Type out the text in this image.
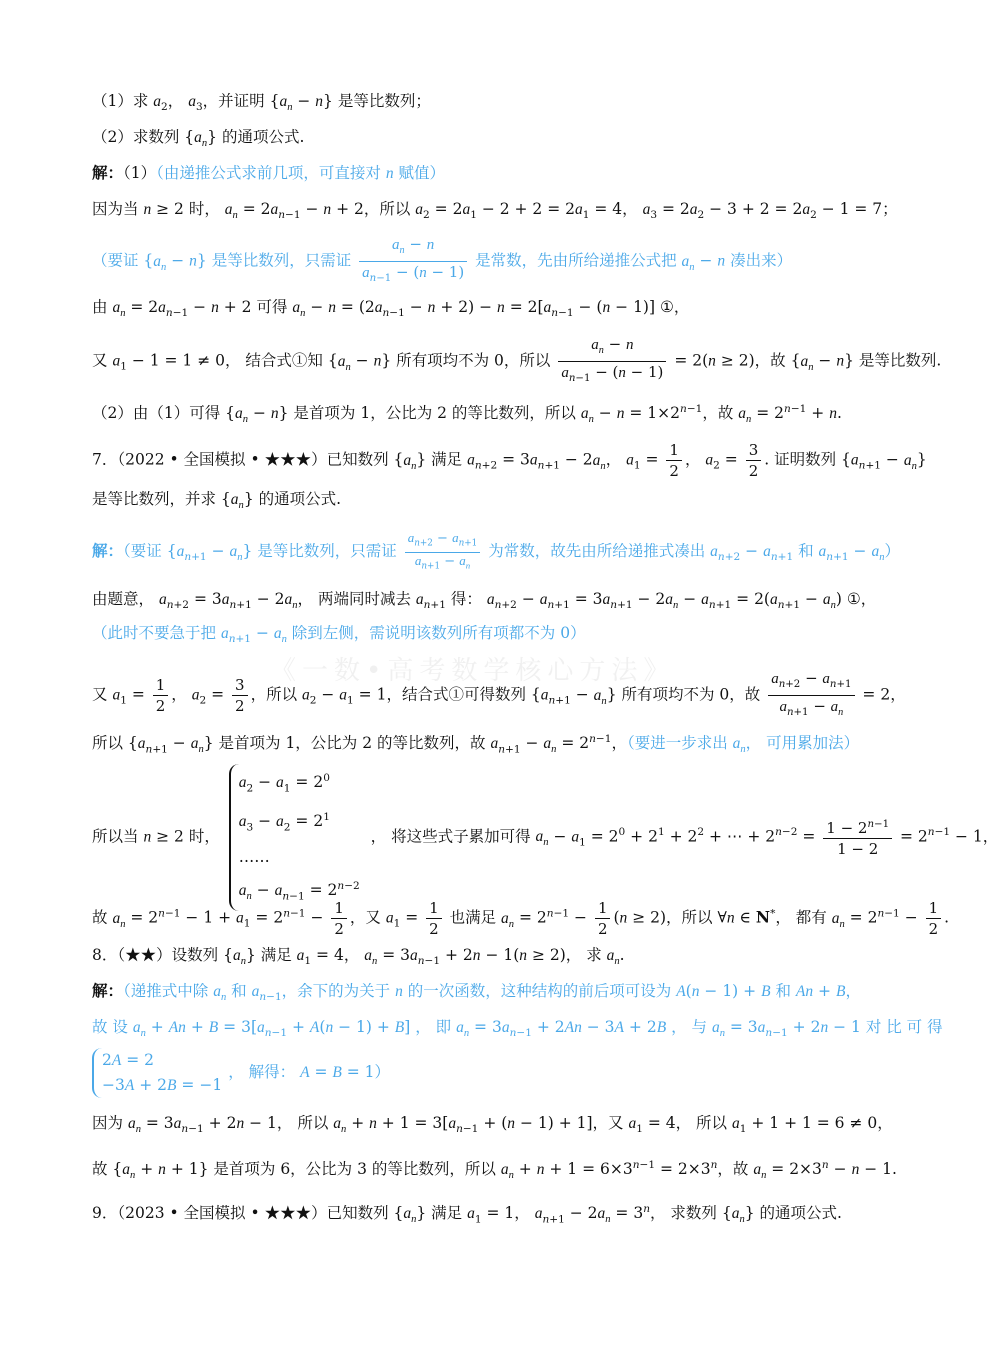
《一数•高考数学核心方法》
（1）求 $a_2$， $a_3$，并证明 $\{a_n - n\}$ 是等比数列；
（2）求数列 $\{a_n\}$ 的通项公式.
解：（1）（由递推公式求前几项，可直接对 n 赋值）
因为当 n ≥ 2 时， $a_n = 2a_{n-1} - n + 2$，所以 $a_2 = 2a_1 - 2 + 2 = 2a_1 = 4$， $a_3 = 2a_2 - 3 + 2 = 2a_2 - 1 = 7$；
（要证 $\{a_n - n\}$ 是等比数列，只需证 $\frac{a_n - n}{a_{n-1} - (n - 1)}$ 是常数，先由所给递推公式把 $a_n - n$ 凑出来）
由 $a_n = 2a_{n-1} - n + 2$ 可得 $a_n - n = (2a_{n-1} - n + 2) - n = 2[a_{n-1} - (n - 1)]$ ①，
又 $a_1 - 1 = 1 \ne 0$， 结合式①知 $\{a_n - n\}$ 所有项均不为 0，所以 $\frac{a_n - n}{a_{n-1} - (n - 1)} = 2(n \ge 2)$，故 $\{a_n - n\}$ 是等比数列.
（2）由（1）可得 $\{a_n - n\}$ 是首项为 1，公比为 2 的等比数列，所以 $a_n - n = 1\times 2^{n-1}$，故 $a_n = 2^{n-1} + n$.
7．（2022 • 全国模拟 • ★★★）已知数列 $\{a_n\}$ 满足 $a_{n+2} = 3a_{n+1} - 2a_n$， $a_1 = \frac{1}{2}$ ， $a_2 = \frac{3}{2}$ . 证明数列 $\{a_{n+1} - a_n\}$
是等比数列，并求 $\{a_n\}$ 的通项公式.
解：（要证 $\{a_{n+1} - a_n\}$ 是等比数列，只需证 $\frac{a_{n+2} - a_{n+1}}{a_{n+1} - a_n}$ 为常数，故先由所给递推式凑出 $a_{n+2} - a_{n+1}$ 和 $a_{n+1} - a_n$）
由题意， $a_{n+2} = 3a_{n+1} - 2a_n$， 两端同时减去 $a_{n+1}$ 得： $a_{n+2} - a_{n+1} = 3a_{n+1} - 2a_n - a_{n+1} = 2(a_{n+1} - a_n)$ ①，
（此时不要急于把 $a_{n+1} - a_n$ 除到左侧，需说明该数列所有项都不为 0）
又 $a_1 = \frac{1}{2}$ ， $a_2 = \frac{3}{2}$ ，所以 $a_2 - a_1 = 1$，结合式①可得数列 $\{a_{n+1} - a_n\}$ 所有项均不为 0，故 $\frac{a_{n+2} - a_{n+1}}{a_{n+1} - a_n} = 2$，
所以 $\{a_{n+1} - a_n\}$ 是首项为 1，公比为 2 的等比数列，故 $a_{n+1} - a_n = 2^{n-1}$，（要进一步求出 $a_n$， 可用累加法）
所以当 n ≥ 2 时，
$a_2 - a_1 = 2^0$
$a_3 - a_2 = 2^1$
……
$a_n - a_{n-1} = 2^{n-2}$
， 将这些式子累加可得 $a_n - a_1 = 2^0 + 2^1 + 2^2$ + ⋯ + $2^{n-2} = \frac{1 - 2^{n-1}}{1 - 2} = 2^{n-1} - 1$，
故 $a_n = 2^{n-1} - 1 + a_1 = 2^{n-1} - \frac{1}{2}$ ，又 $a_1 = \frac{1}{2}$ 也满足 $a_n = 2^{n-1} - \frac{1}{2} (n \ge 2)$，所以 ∀n ∈ N*， 都有 $a_n = 2^{n-1} - \frac{1}{2}$ .
8．（★★）设数列 $\{a_n\}$ 满足 $a_1 = 4$， $a_n = 3a_{n-1} + 2n - 1(n \ge 2)$， 求 $a_n$.
解：（递推式中除 $a_n$ 和 $a_{n-1}$，余下的为关于 n 的一次函数，这种结构的前后项可设为 A(n − 1) + B 和 An + B，
故 设 $a_n + An + B = 3[a_{n-1} + A(n - 1) + B]$ ， 即 $a_n = 3a_{n-1} + 2An - 3A + 2B$ ， 与 $a_n = 3a_{n-1} + 2n - 1$ 对 比 可 得
2A = 2
−3A + 2B = −1
， 解得： A = B = 1）
因为 $a_n = 3a_{n-1} + 2n - 1$， 所以 $a_n + n + 1 = 3[a_{n-1} + (n - 1) + 1]$，又 $a_1 = 4$， 所以 $a_1 + 1 + 1 = 6 \ne 0$，
故 $\{a_n + n + 1\}$ 是首项为 6，公比为 3 的等比数列，所以 $a_n + n + 1 = 6\times 3^{n-1} = 2\times 3^n$，故 $a_n = 2\times 3^n - n - 1$.
9．（2023 • 全国模拟 • ★★★）已知数列 $\{a_n\}$ 满足 $a_1 = 1$， $a_{n+1} - 2a_n = 3^n$， 求数列 $\{a_n\}$ 的通项公式.
